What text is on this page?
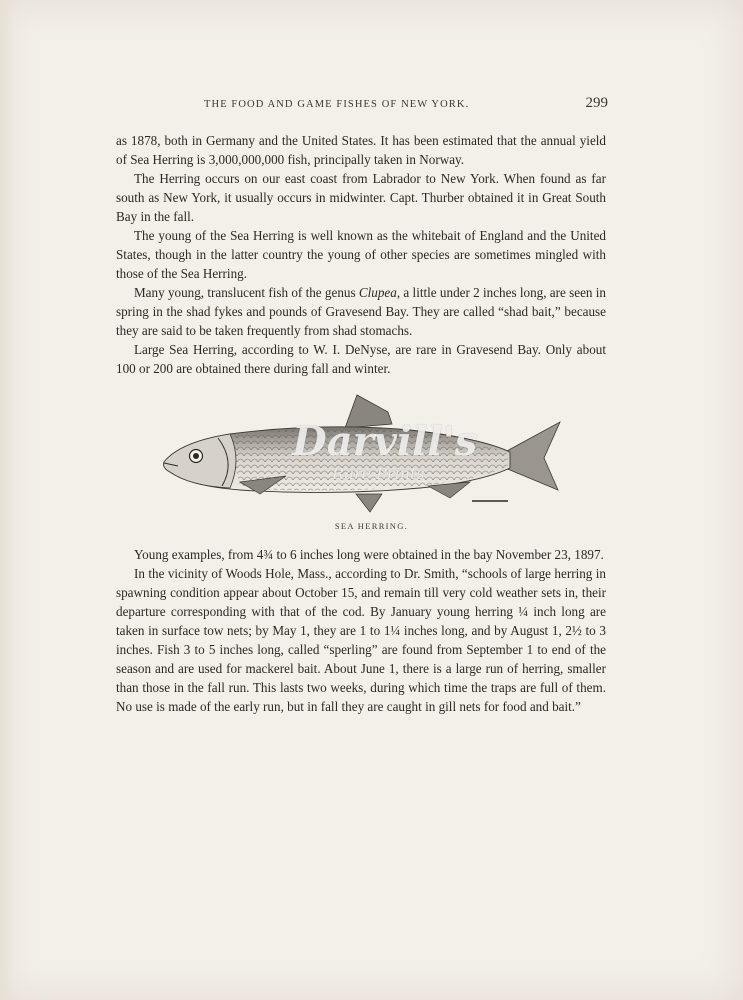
THE FOOD AND GAME FISHES OF NEW YORK.	299

as 1878, both in Germany and the United States. It has been estimated that the annual yield of Sea Herring is 3,000,000,000 fish, principally taken in Norway.

The Herring occurs on our east coast from Labrador to New York. When found as far south as New York, it usually occurs in midwinter. Capt. Thurber obtained it in Great South Bay in the fall.

The young of the Sea Herring is well known as the whitebait of England and the United States, though in the latter country the young of other species are sometimes mingled with those of the Sea Herring.

Many young, translucent fish of the genus Clupea, a little under 2 inches long, are seen in spring in the shad fykes and pounds of Gravesend Bay. They are called “shad bait,” because they are said to be taken frequently from shad stomachs.

Large Sea Herring, according to W. I. DeNyse, are rare in Gravesend Bay. Only about 100 or 200 are obtained there during fall and winter.

Darvill's
Rare Prints
SEA HERRING.

Young examples, from 4¾ to 6 inches long were obtained in the bay November 23, 1897.

In the vicinity of Woods Hole, Mass., according to Dr. Smith, “schools of large herring in spawning condition appear about October 15, and remain till very cold weather sets in, their departure corresponding with that of the cod. By January young herring ¼ inch long are taken in surface tow nets; by May 1, they are 1 to 1¼ inches long, and by August 1, 2½ to 3 inches. Fish 3 to 5 inches long, called “sperling” are found from September 1 to end of the season and are used for mackerel bait. About June 1, there is a large run of herring, smaller than those in the fall run. This lasts two weeks, during which time the traps are full of them. No use is made of the early run, but in fall they are caught in gill nets for food and bait.”
